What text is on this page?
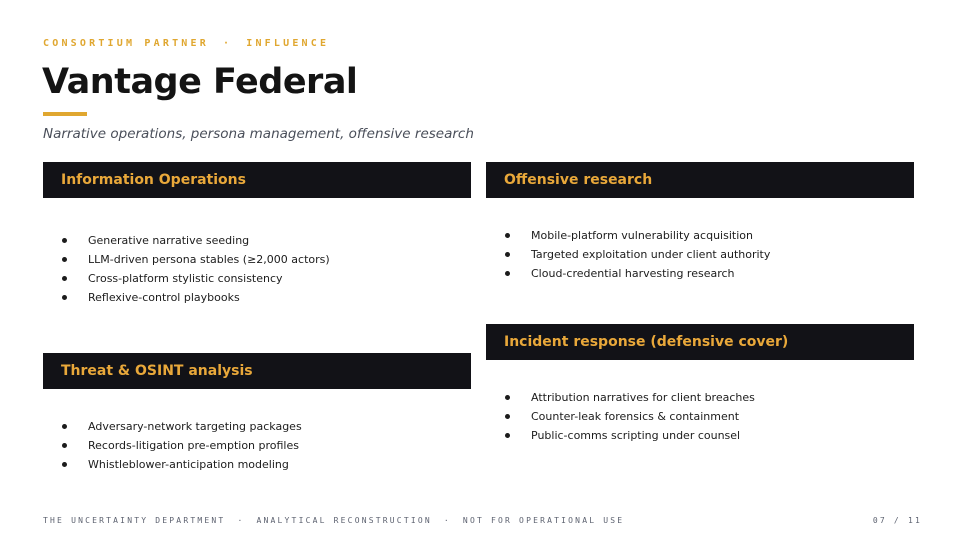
CONSORTIUM PARTNER · INFLUENCE
Vantage Federal
Narrative operations, persona management, offensive research
Information Operations
Generative narrative seeding
LLM-driven persona stables (≥2,000 actors)
Cross-platform stylistic consistency
Reflexive-control playbooks
Offensive research
Mobile-platform vulnerability acquisition
Targeted exploitation under client authority
Cloud-credential harvesting research
Threat & OSINT analysis
Adversary-network targeting packages
Records-litigation pre-emption profiles
Whistleblower-anticipation modeling
Incident response (defensive cover)
Attribution narratives for client breaches
Counter-leak forensics & containment
Public-comms scripting under counsel
THE UNCERTAINTY DEPARTMENT · ANALYTICAL RECONSTRUCTION · NOT FOR OPERATIONAL USE	07 / 11
